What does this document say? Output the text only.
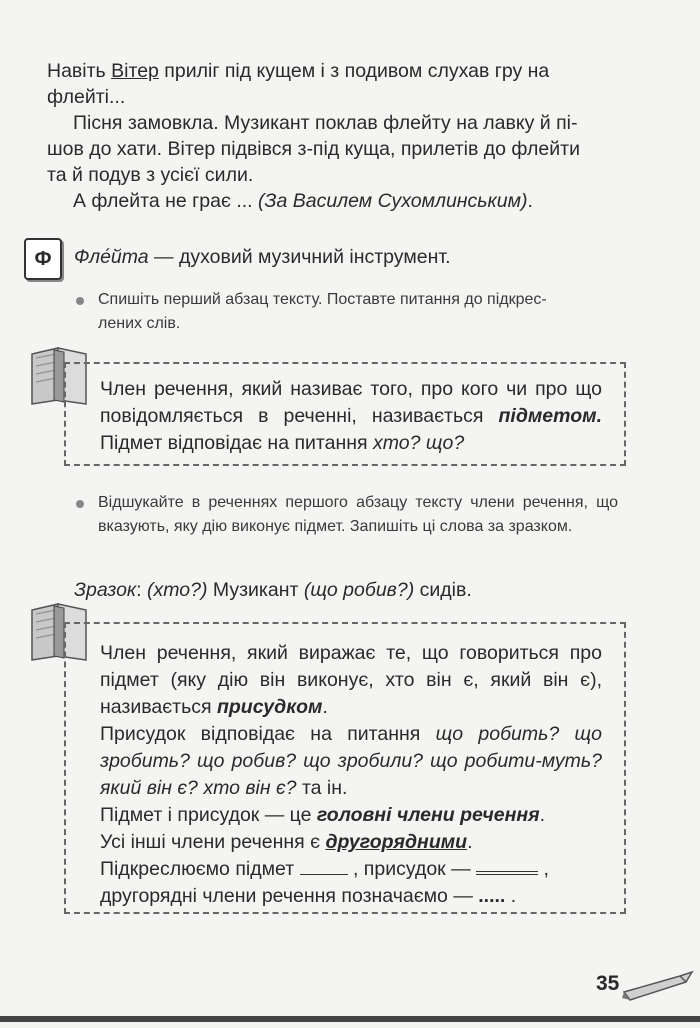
Навіть Вітер приліг під кущем і з подивом слухав гру на

флейті...

Пісня замовкла. Музикант поклав флейту на лавку й пі-

шов до хати. Вітер підвівся з-під куща, прилетів до флейти

та й подув з усієї сили.

А флейта не грає ... (За Василем Сухомлинським).

Ф	Фле́йта — духовий музичний інструмент.

Спишіть перший абзац тексту. Поставте питання до підкрес-

лених слів.

Член речення, який називає того, про кого чи про що повідомляється в реченні, називається підметом. Підмет відповідає на питання хто? що?
Відшукайте в реченнях першого абзацу тексту члени речення, що вказують, яку дію виконує підмет. Запишіть ці слова за зразком.
Зразок: (хто?) Музикант (що робив?) сидів.

Член речення, який виражає те, що говориться про підмет (яку дію він виконує, хто він є, який він є), називається присудком.

Присудок відповідає на питання що робить? що зробить? що робив? що зробили? що робити-муть? який він є? хто він є? та ін.

Підмет і присудок — це головні члени речення.

Усі інші члени речення є другорядними.

Підкреслюємо підмет  , присудок —	,

другорядні члени речення позначаємо — ..... .

35
